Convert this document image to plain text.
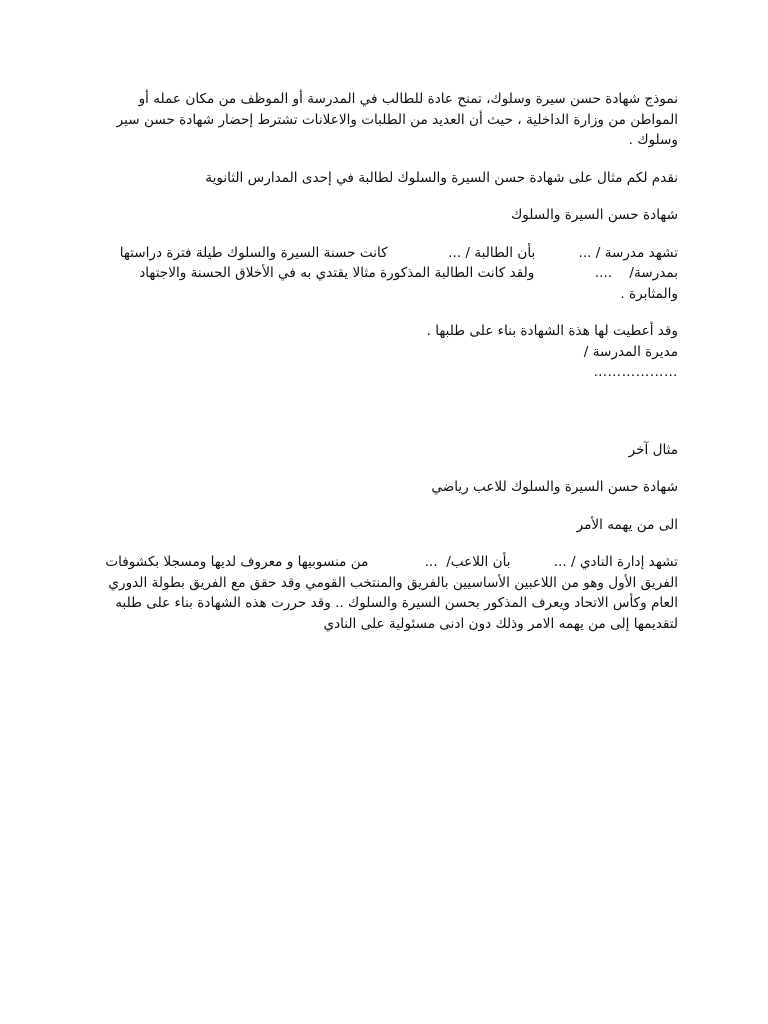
نموذج شهادة حسن سيرة وسلوك، تمنح عادة للطالب في المدرسة أو الموظف من مكان عمله أو
المواطن من وزارة الداخلية ، حيث أن العديد من الطلبات والاعلانات تشترط إحضار شهادة حسن سير
وسلوك .
نقدم لكم مثال على شهادة حسن السيرة والسلوك لطالبة في إحدى المدارس الثانوية
شهادة حسن السيرة والسلوك
تشهد مدرسة / ...          بأن الطالبة / ...              كانت حسنة السيرة والسلوك طيلة فترة دراستها
بمدرسة/    ....              ولقد كانت الطالبة المذكورة مثالا يقتدي به في الأخلاق الحسنة والاجتهاد
والمثابرة .
وقد أعطيت لها هذة الشهادة بناء على طلبها .
مديرة المدرسة /
………………
مثال آخر
شهادة حسن السيرة والسلوك للاعب رياضي
الى من يهمه الأمر
تشهد إدارة النادي / ...          بأن اللاعب/  ...             من منسوبيها و معروف لديها ومسجلا بكشوفات
الفريق الأول وهو من اللاعبين الأساسيين بالفريق والمنتخب القومي وقد حقق مع الفريق بطولة الدوري
العام وكأس الاتحاد ويعرف المذكور بحسن السيرة والسلوك .. وقد حررت هذه الشهادة بناء على طلبه
لتقديمها إلى من يهمه الامر وذلك دون ادنى مسئولية على النادي
